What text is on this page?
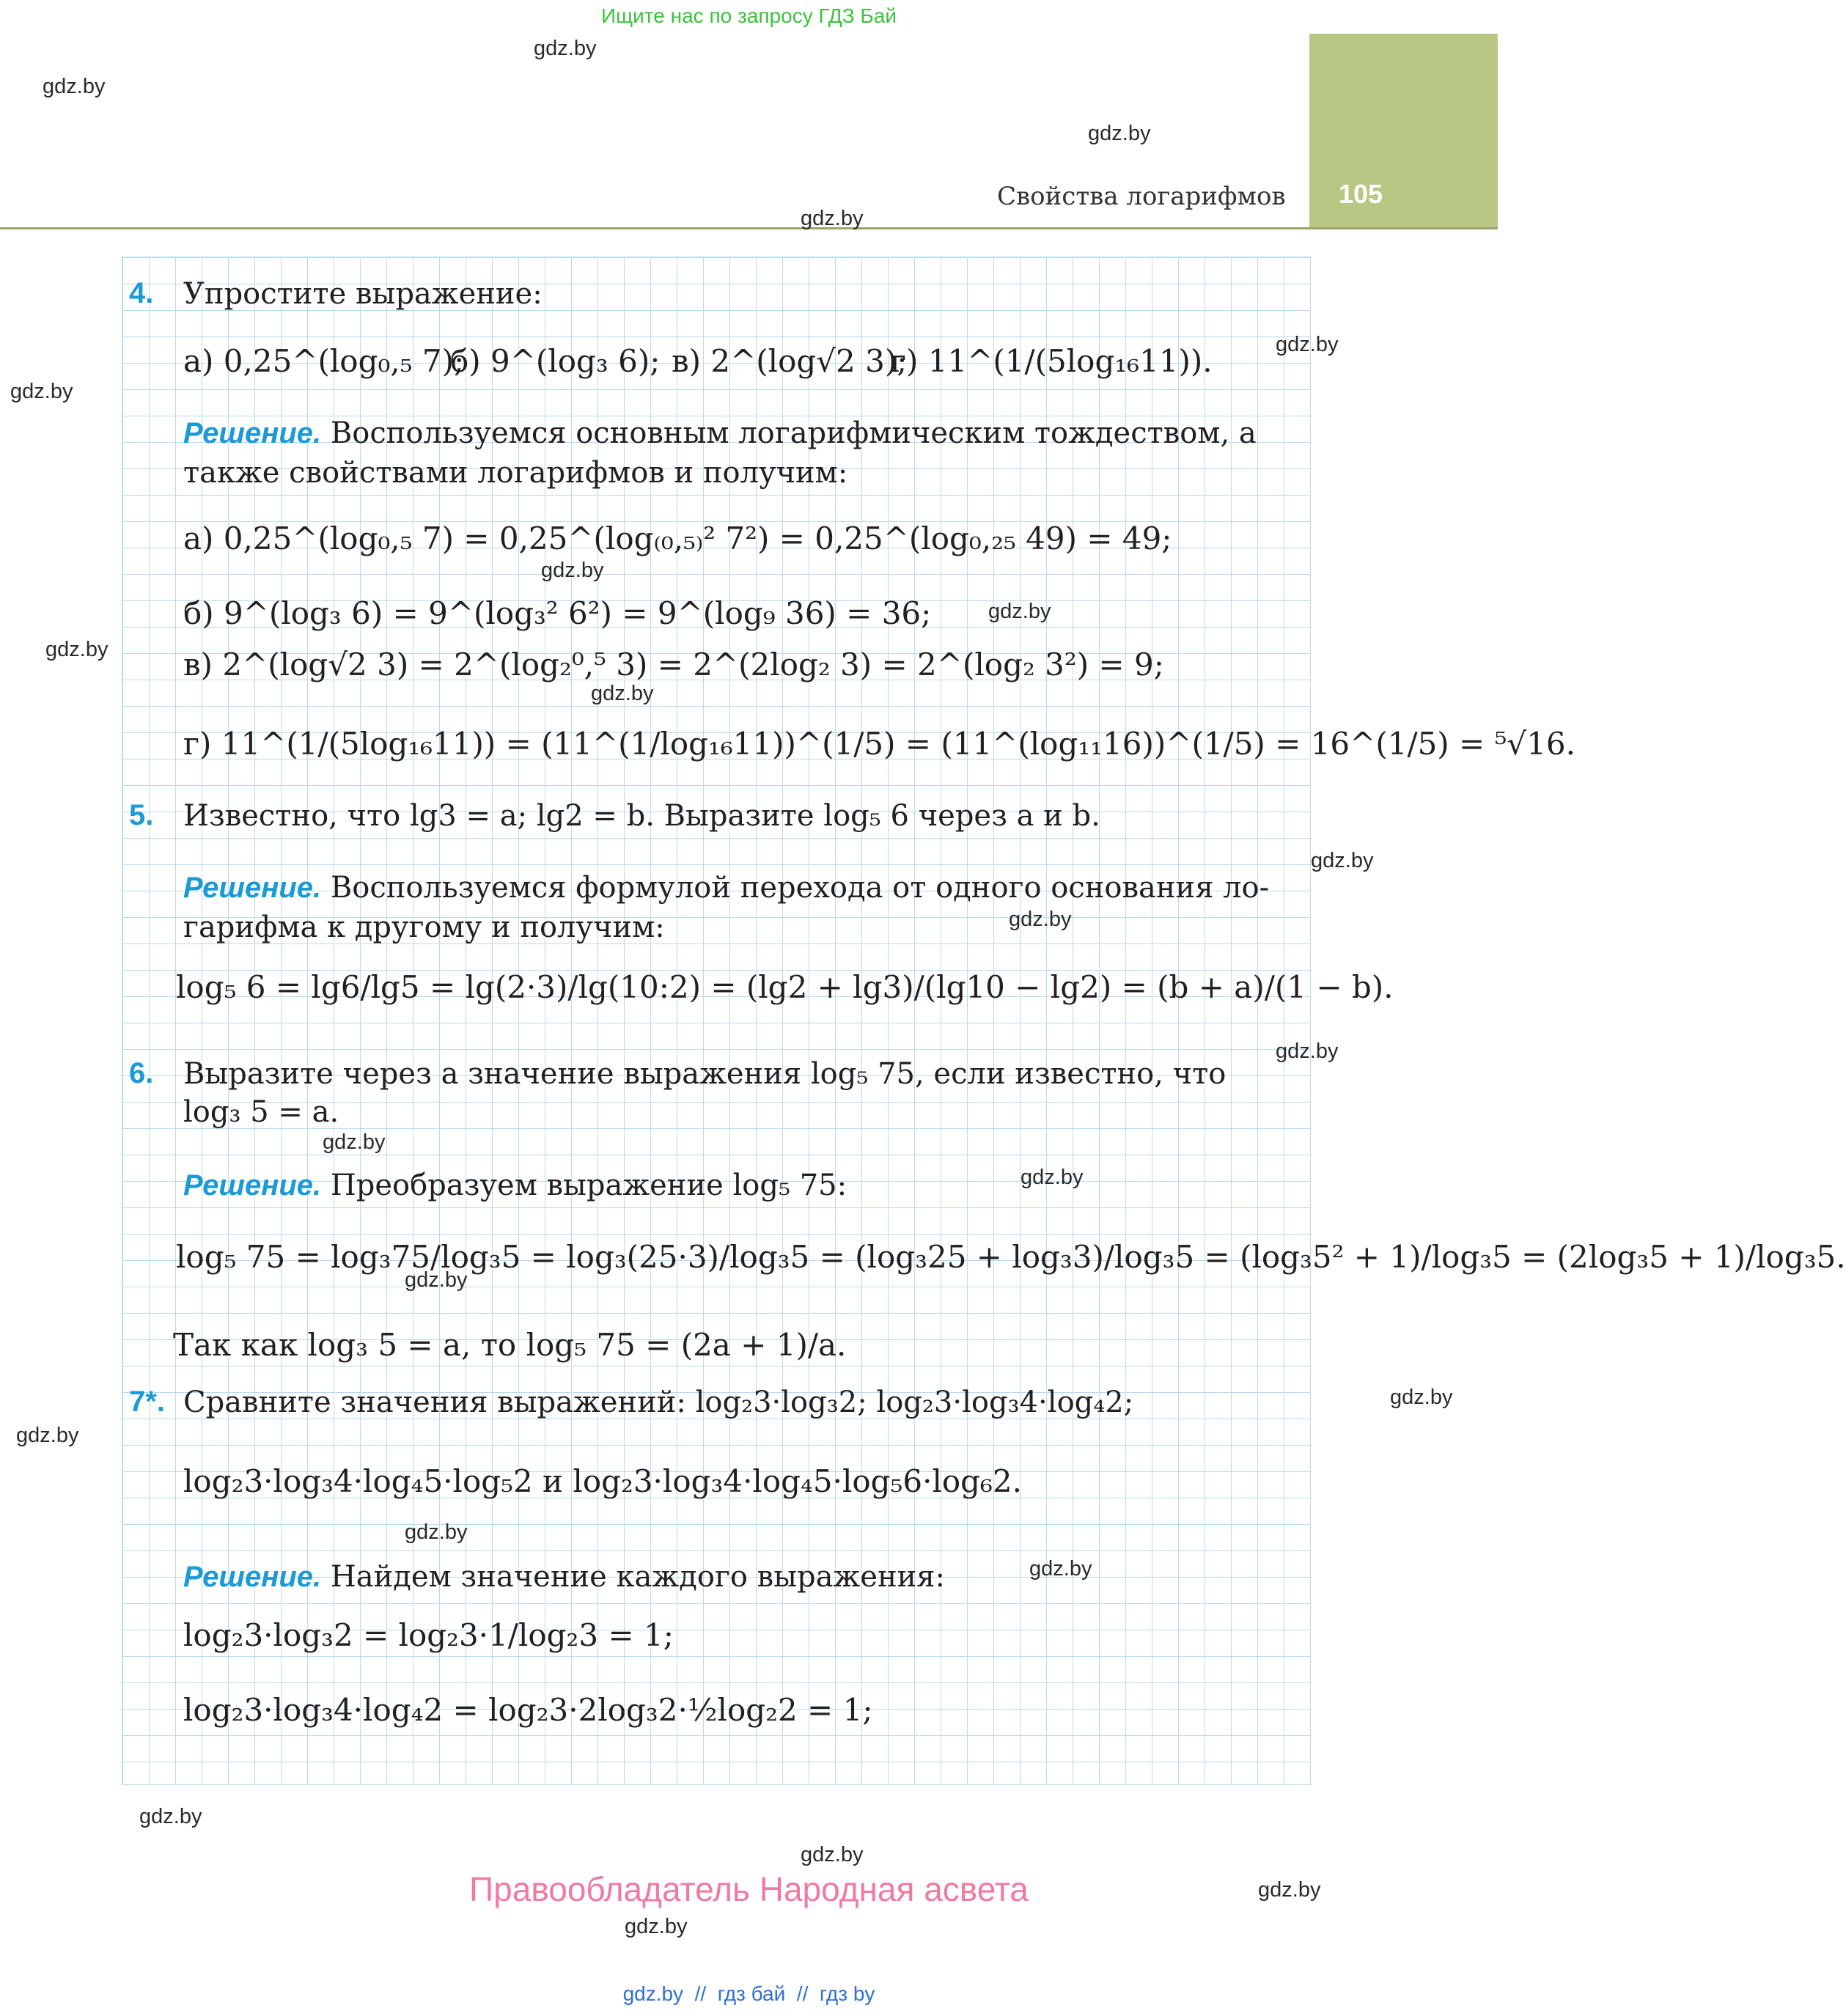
Ищите нас по запросу ГДЗ Бай
105
Свойства логарифмов
gdz.by
gdz.by
gdz.by
gdz.by
gdz.by
gdz.by
gdz.by
gdz.by
gdz.by
gdz.by
gdz.by
gdz.by
gdz.by
gdz.by
gdz.by
gdz.by
gdz.by
gdz.by
gdz.by
gdz.by
gdz.by
gdz.by
gdz.by
gdz.by
4. Упростите выражение:
а) 0,25^(log₀,₅ 7);
б) 9^(log₃ 6); в) 2^(log√2 3);
г) 11^(1/(5log₁₆11)).
Решение. Воспользуемся основным логарифмическим тождеством, а
также свойствами логарифмов и получим:
а) 0,25^(log₀,₅ 7) = 0,25^(log₍₀,₅₎² 7²) = 0,25^(log₀,₂₅ 49) = 49;
б) 9^(log₃ 6) = 9^(log₃² 6²) = 9^(log₉ 36) = 36;
в) 2^(log√2 3) = 2^(log₂⁰,⁵ 3) = 2^(2log₂ 3) = 2^(log₂ 3²) = 9;
г) 11^(1/(5log₁₆11)) = (11^(1/log₁₆11))^(1/5) = (11^(log₁₁16))^(1/5) = 16^(1/5) = ⁵√16.
5. Известно, что lg3 = a; lg2 = b. Выразите log₅ 6 через a и b.
Решение. Воспользуемся формулой перехода от одного основания ло-
гарифма к другому и получим:
log₅ 6 = lg6/lg5 = lg(2·3)/lg(10:2) = (lg2 + lg3)/(lg10 − lg2) = (b + a)/(1 − b).
6. Выразите через a значение выражения log₅ 75, если известно, что
log₃ 5 = a.
Решение. Преобразуем выражение log₅ 75:
log₅ 75 = log₃75/log₃5 = log₃(25·3)/log₃5 = (log₃25 + log₃3)/log₃5 = (log₃5² + 1)/log₃5 = (2log₃5 + 1)/log₃5.
Так как log₃ 5 = a, то log₅ 75 = (2a + 1)/a.
7*. Сравните значения выражений: log₂3·log₃2; log₂3·log₃4·log₄2;
log₂3·log₃4·log₄5·log₅2 и log₂3·log₃4·log₄5·log₅6·log₆2.
Решение. Найдем значение каждого выражения:
log₂3·log₃2 = log₂3·1/log₂3 = 1;
log₂3·log₃4·log₄2 = log₂3·2log₃2·½log₂2 = 1;
Правообладатель Народная асвета
gdz.by  //  гдз бай  //  гдз by
